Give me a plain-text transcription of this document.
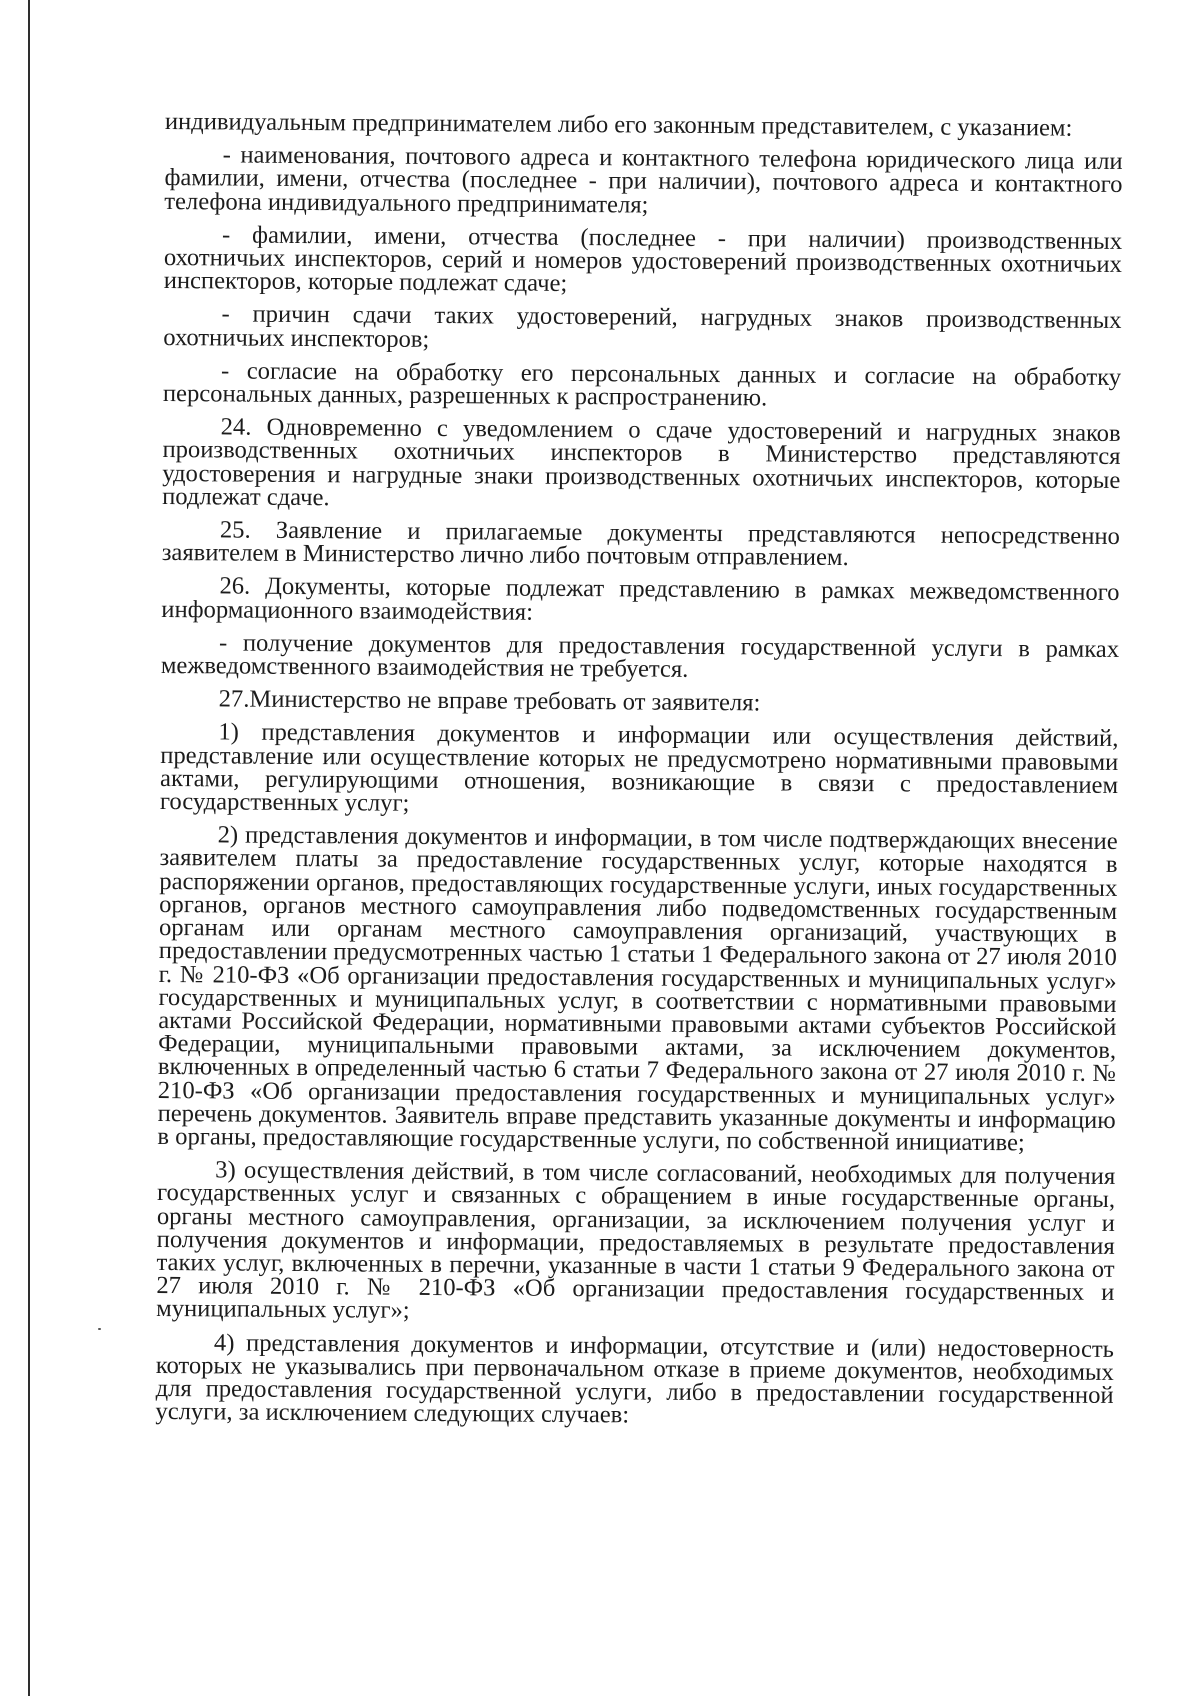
индивидуальным предпринимателем либо его законным представителем, с указанием:

- наименования, почтового адреса и контактного телефона юридического лица или фамилии, имени, отчества (последнее - при наличии), почтового адреса и контактного телефона индивидуального предпринимателя;

- фамилии, имени, отчества (последнее - при наличии) производственных охотничьих инспекторов, серий и номеров удостоверений производственных охотничьих инспекторов, которые подлежат сдаче;

- причин сдачи таких удостоверений, нагрудных знаков производственных охотничьих инспекторов;

- согласие на обработку его персональных данных и согласие на обработку персональных данных, разрешенных к распространению.

24. Одновременно с уведомлением о сдаче удостоверений и нагрудных знаков производственных охотничьих инспекторов в Министерство представляются удостоверения и нагрудные знаки производственных охотничьих инспекторов, которые подлежат сдаче.

25. Заявление и прилагаемые документы представляются непосредственно заявителем в Министерство лично либо почтовым отправлением.

26. Документы, которые подлежат представлению в рамках межведомственного информационного взаимодействия:

- получение документов для предоставления государственной услуги в рамках межведомственного взаимодействия не требуется.

27.Министерство не вправе требовать от заявителя:

1) представления документов и информации или осуществления действий, представление или осуществление которых не предусмотрено нормативными правовыми актами, регулирующими отношения, возникающие в связи с предоставлением государственных услуг;

2) представления документов и информации, в том числе подтверждающих внесение заявителем платы за предоставление государственных услуг, которые находятся в распоряжении органов, предоставляющих государственные услуги, иных государственных органов, органов местного самоуправления либо подведомственных государственным органам или органам местного самоуправления организаций, участвующих в предоставлении предусмотренных частью 1 статьи 1 Федерального закона от 27 июля 2010 г. № 210-ФЗ «Об организации предоставления государственных и муниципальных услуг» государственных и муниципальных услуг, в соответствии с нормативными правовыми актами Российской Федерации, нормативными правовыми актами субъектов Российской Федерации, муниципальными правовыми актами, за исключением документов, включенных в определенный частью 6 статьи 7 Федерального закона от 27 июля 2010 г. № 210-ФЗ «Об организации предоставления государственных и муниципальных услуг» перечень документов. Заявитель вправе представить указанные документы и информацию в органы, предоставляющие государственные услуги, по собственной инициативе;

3) осуществления действий, в том числе согласований, необходимых для получения государственных услуг и связанных с обращением в иные государственные органы, органы местного самоуправления, организации, за исключением получения услуг и получения документов и информации, предоставляемых в результате предоставления таких услуг, включенных в перечни, указанные в части 1 статьи 9 Федерального закона от 27 июля 2010 г. № 210-ФЗ «Об организации предоставления государственных и муниципальных услуг»;

4) представления документов и информации, отсутствие и (или) недостоверность которых не указывались при первоначальном отказе в приеме документов, необходимых для предоставления государственной услуги, либо в предоставлении государственной услуги, за исключением следующих случаев:
